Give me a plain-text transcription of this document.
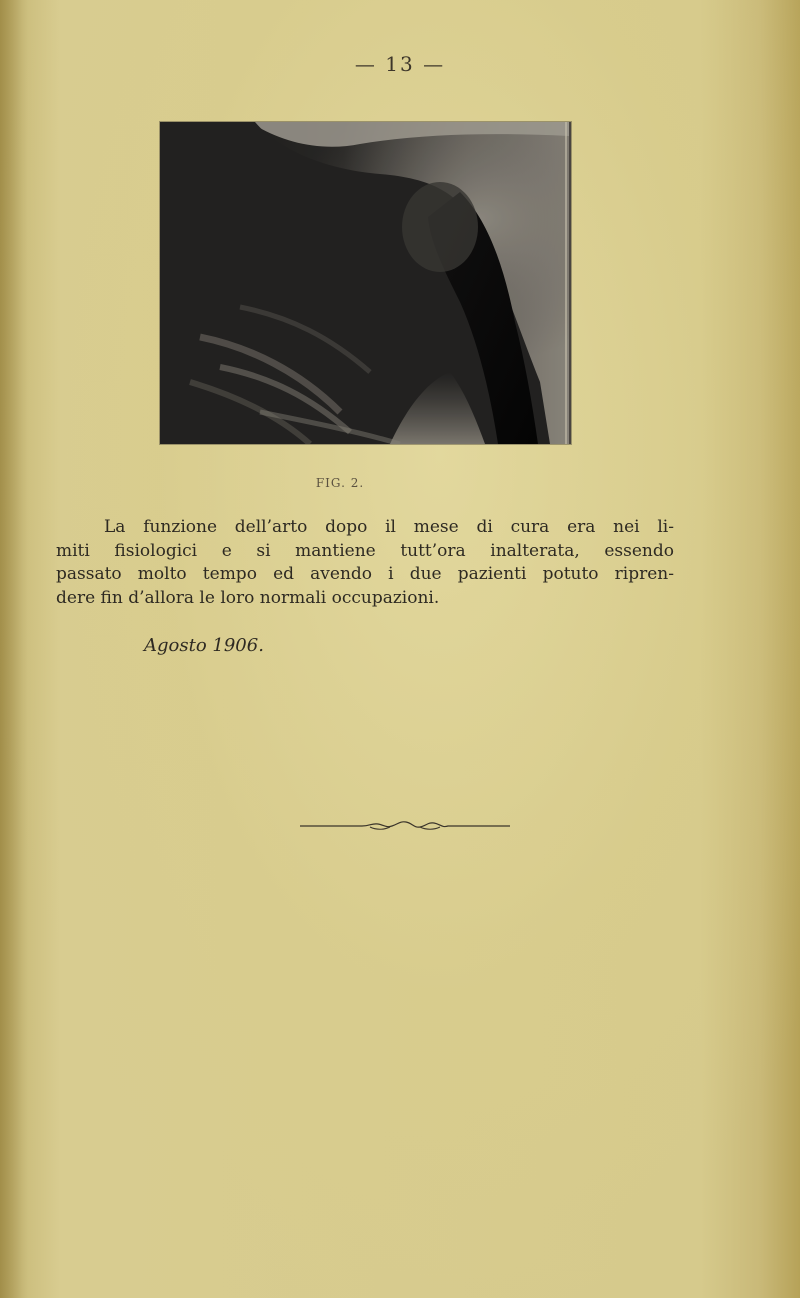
— 13 —
FIG. 2.
La funzione dell’arto dopo il mese di cura era nei li-
miti fisiologici e si mantiene tutt’ora inalterata, essendo
passato molto tempo ed avendo i due pazienti potuto ripren-
dere fin d’allora le loro normali occupazioni.
Agosto 1906.
